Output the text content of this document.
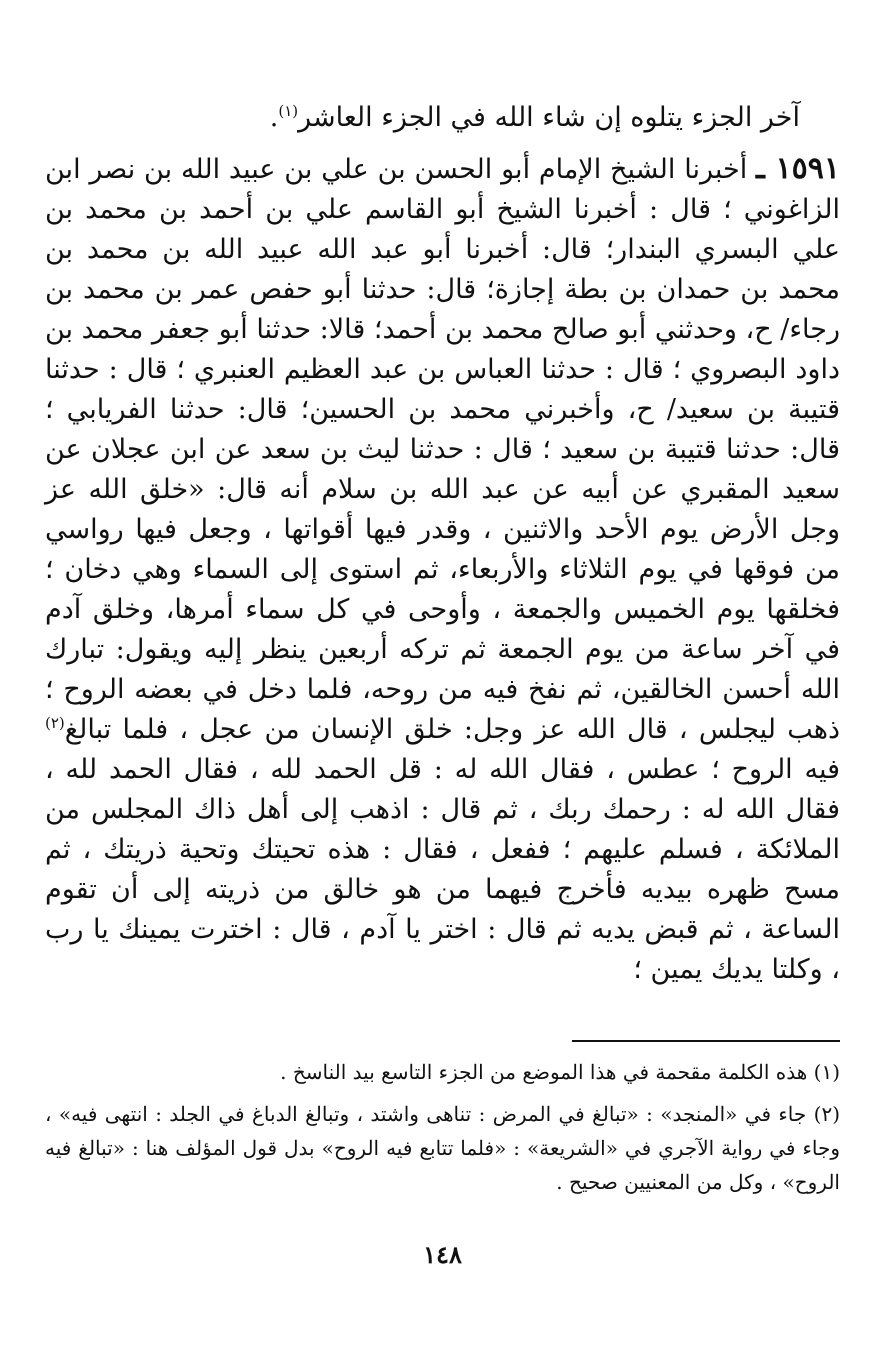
آخر الجزء يتلوه إن شاء الله في الجزء العاشر$^{(١)}$.

١٥٩١ ـ أخبرنا الشيخ الإمام أبو الحسن بن علي بن عبيد الله بن نصر ابن الزاغوني ؛ قال : أخبرنا الشيخ أبو القاسم علي بن أحمد بن محمد بن علي البسري البندار؛ قال: أخبرنا أبو عبد الله عبيد الله بن محمد بن محمد بن حمدان بن بطة إجازة؛ قال: حدثنا أبو حفص عمر بن محمد بن رجاء/ ح، وحدثني أبو صالح محمد بن أحمد؛ قالا: حدثنا أبو جعفر محمد بن داود البصروي ؛ قال : حدثنا العباس بن عبد العظيم العنبري ؛ قال : حدثنا قتيبة بن سعيد/ ح، وأخبرني محمد بن الحسين؛ قال: حدثنا الفريابي ؛ قال: حدثنا قتيبة بن سعيد ؛ قال : حدثنا ليث بن سعد عن ابن عجلان عن سعيد المقبري عن أبيه عن عبد الله بن سلام أنه قال: «خلق الله عز وجل الأرض يوم الأحد والاثنين ، وقدر فيها أقواتها ، وجعل فيها رواسي من فوقها في يوم الثلاثاء والأربعاء، ثم استوى إلى السماء وهي دخان ؛ فخلقها يوم الخميس والجمعة ، وأوحى في كل سماء أمرها، وخلق آدم في آخر ساعة من يوم الجمعة ثم تركه أربعين ينظر إليه ويقول: تبارك الله أحسن الخالقين، ثم نفخ فيه من روحه، فلما دخل في بعضه الروح ؛ ذهب ليجلس ، قال الله عز وجل: خلق الإنسان من عجل ، فلما تبالغ$^{(٢)}$ فيه الروح ؛ عطس ، فقال الله له : قل الحمد لله ، فقال الحمد لله ، فقال الله له : رحمك ربك ، ثم قال : اذهب إلى أهل ذاك المجلس من الملائكة ، فسلم عليهم ؛ ففعل ، فقال : هذه تحيتك وتحية ذريتك ، ثم مسح ظهره بيديه فأخرج فيهما من هو خالق من ذريته إلى أن تقوم الساعة ، ثم قبض يديه ثم قال : اختر يا آدم ، قال : اخترت يمينك يا رب ، وكلتا يديك يمين ؛

(١) هذه الكلمة مقحمة في هذا الموضع من الجزء التاسع بيد الناسخ .

(٢) جاء في «المنجد» : «تبالغ في المرض : تناهى واشتد ، وتبالغ الدباغ في الجلد : انتهى فيه» ، وجاء في رواية الآجري في «الشريعة» : «فلما تتابع فيه الروح» بدل قول المؤلف هنا : «تبالغ فيه الروح» ، وكل من المعنيين صحيح .

١٤٨
